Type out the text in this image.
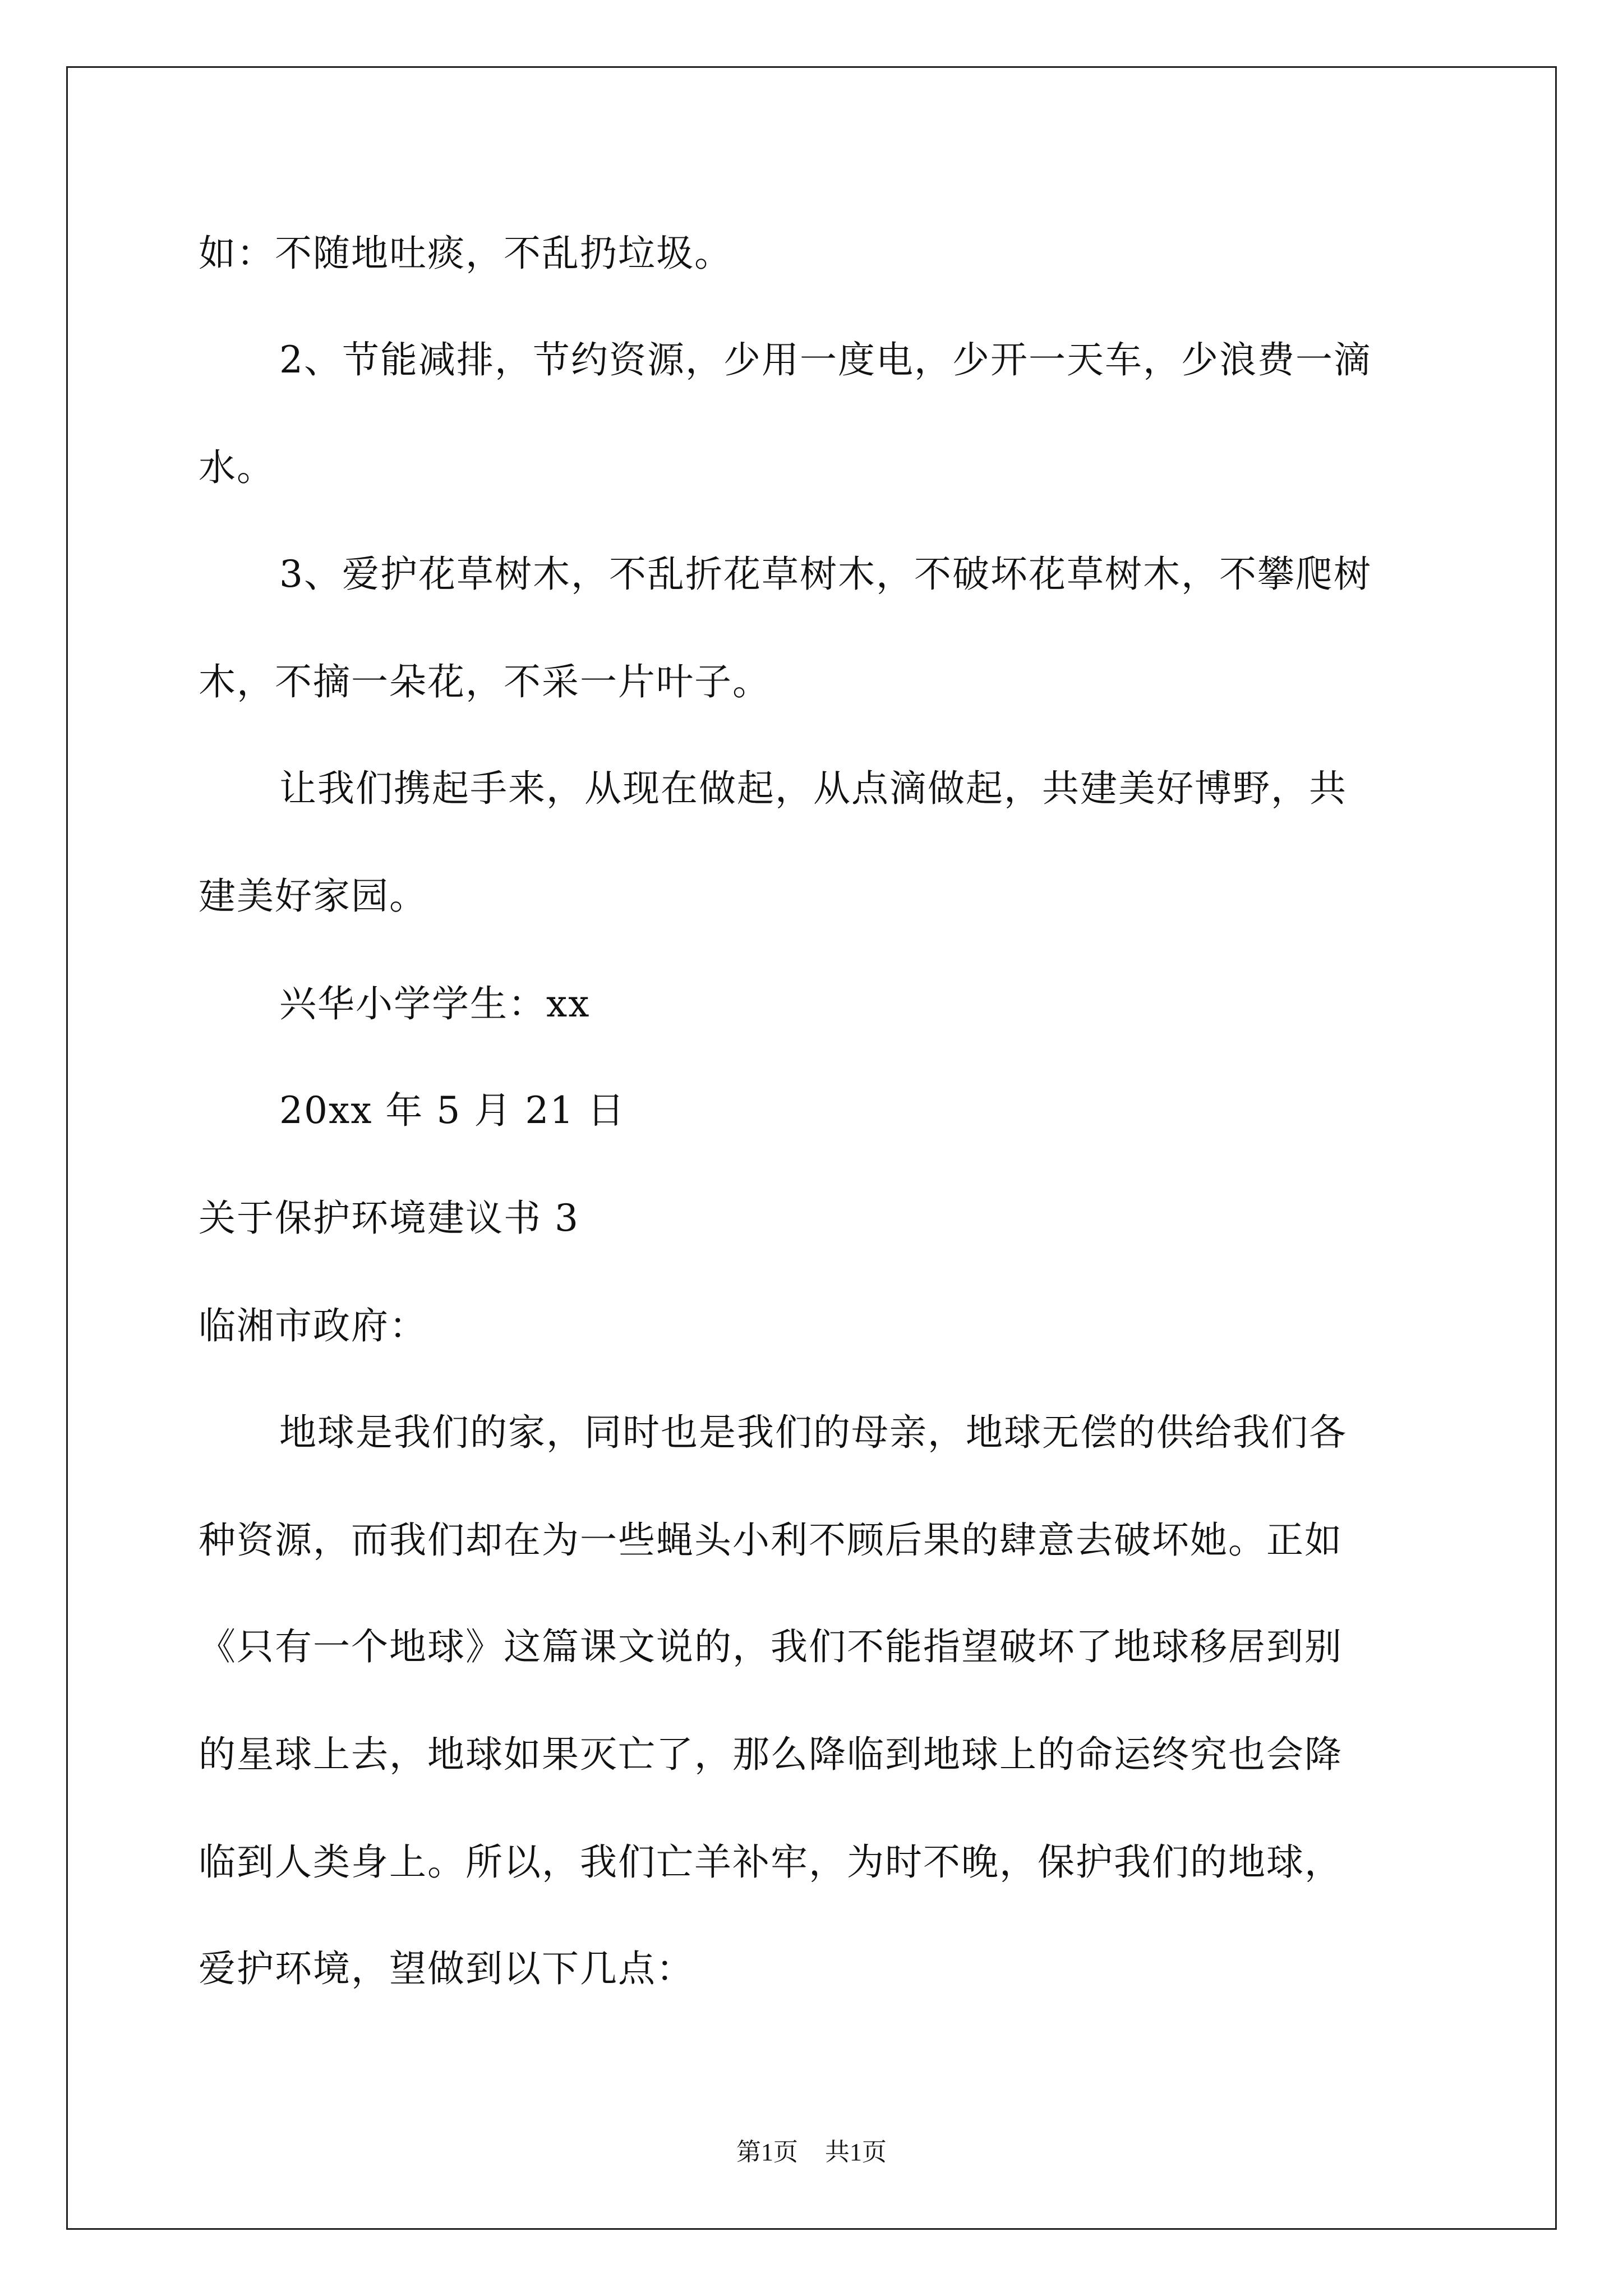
如：不随地吐痰，不乱扔垃圾。

2、节能减排，节约资源，少用一度电，少开一天车，少浪费一滴

水。

3、爱护花草树木，不乱折花草树木，不破坏花草树木，不攀爬树

木，不摘一朵花，不采一片叶子。

让我们携起手来，从现在做起，从点滴做起，共建美好博野，共

建美好家园。

兴华小学学生：xx

20xx 年 5 月 21 日

关于保护环境建议书 3

临湘市政府：

地球是我们的家，同时也是我们的母亲，地球无偿的供给我们各

种资源，而我们却在为一些蝇头小利不顾后果的肆意去破坏她。正如

《只有一个地球》这篇课文说的，我们不能指望破坏了地球移居到别

的星球上去，地球如果灭亡了，那么降临到地球上的命运终究也会降

临到人类身上。所以，我们亡羊补牢，为时不晚，保护我们的地球，

爱护环境，望做到以下几点：

第1页 共1页
